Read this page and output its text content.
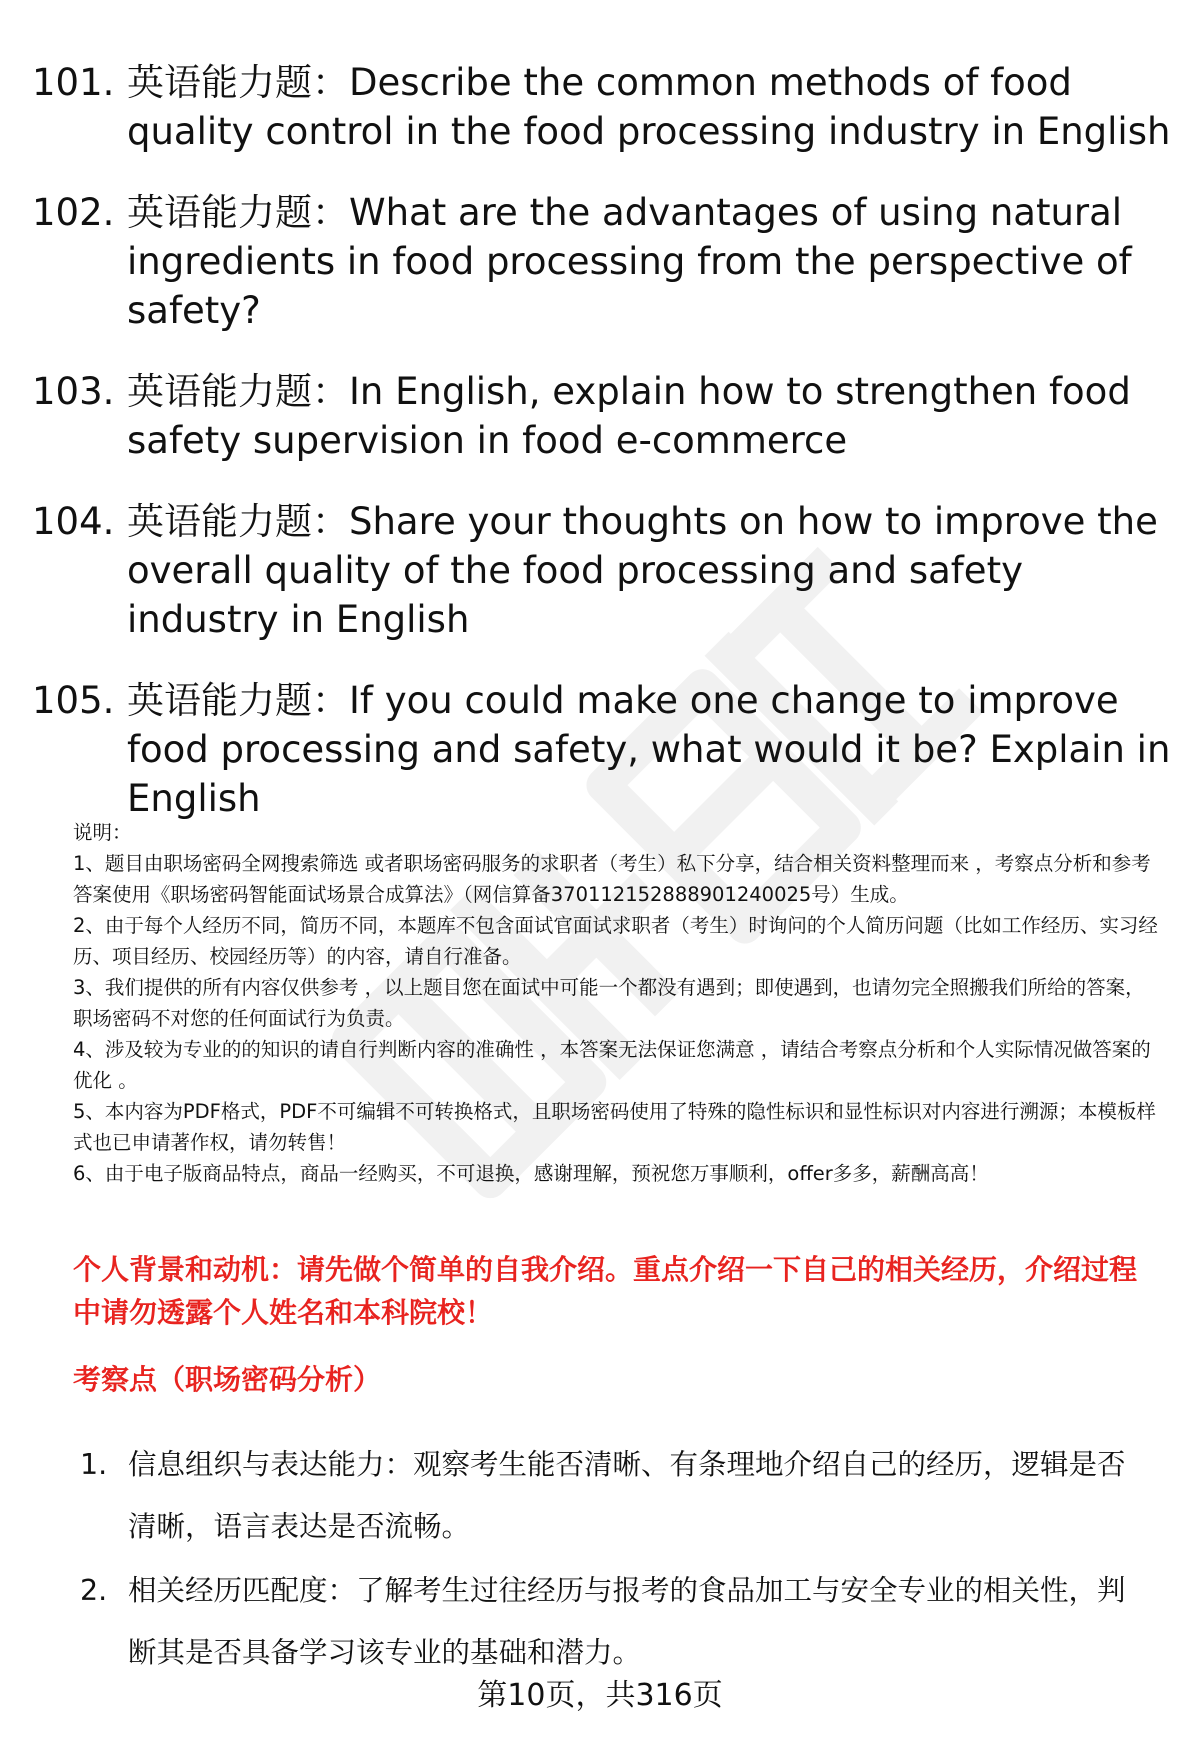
101. 英语能力题：Describe the common methods of food quality control in the food processing industry in English
102. 英语能力题：What are the advantages of using natural ingredients in food processing from the perspective of safety?
103. 英语能力题：In English, explain how to strengthen food safety supervision in food e-commerce
104. 英语能力题：Share your thoughts on how to improve the overall quality of the food processing and safety industry in English
105. 英语能力题：If you could make one change to improve food processing and safety, what would it be? Explain in English

说明：

1、题目由职场密码全网搜索筛选 或者职场密码服务的求职者（考生）私下分享，结合相关资料整理而来 ，考察点分析和参考答案使用《职场密码智能面试场景合成算法》（网信算备370112152888901240025号）生成。

2、由于每个人经历不同，简历不同，本题库不包含面试官面试求职者（考生）时询问的个人简历问题（比如工作经历、实习经历、项目经历、校园经历等）的内容，请自行准备。

3、我们提供的所有内容仅供参考 ，以上题目您在面试中可能一个都没有遇到；即使遇到，也请勿完全照搬我们所给的答案，职场密码不对您的任何面试行为负责。

4、涉及较为专业的的知识的请自行判断内容的准确性 ，本答案无法保证您满意 ，请结合考察点分析和个人实际情况做答案的优化 。

5、本内容为PDF格式，PDF不可编辑不可转换格式，且职场密码使用了特殊的隐性标识和显性标识对内容进行溯源；本模板样式也已申请著作权，请勿转售！

6、由于电子版商品特点，商品一经购买，不可退换，感谢理解，预祝您万事顺利，offer多多，薪酬高高！

个人背景和动机：请先做个简单的自我介绍。重点介绍一下自己的相关经历，介绍过程中请勿透露个人姓名和本科院校！
考察点（职场密码分析）
1. 信息组织与表达能力：观察考生能否清晰、有条理地介绍自己的经历，逻辑是否清晰，语言表达是否流畅。
2. 相关经历匹配度：了解考生过往经历与报考的食品加工与安全专业的相关性，判断其是否具备学习该专业的基础和潜力。
第10页，共316页
